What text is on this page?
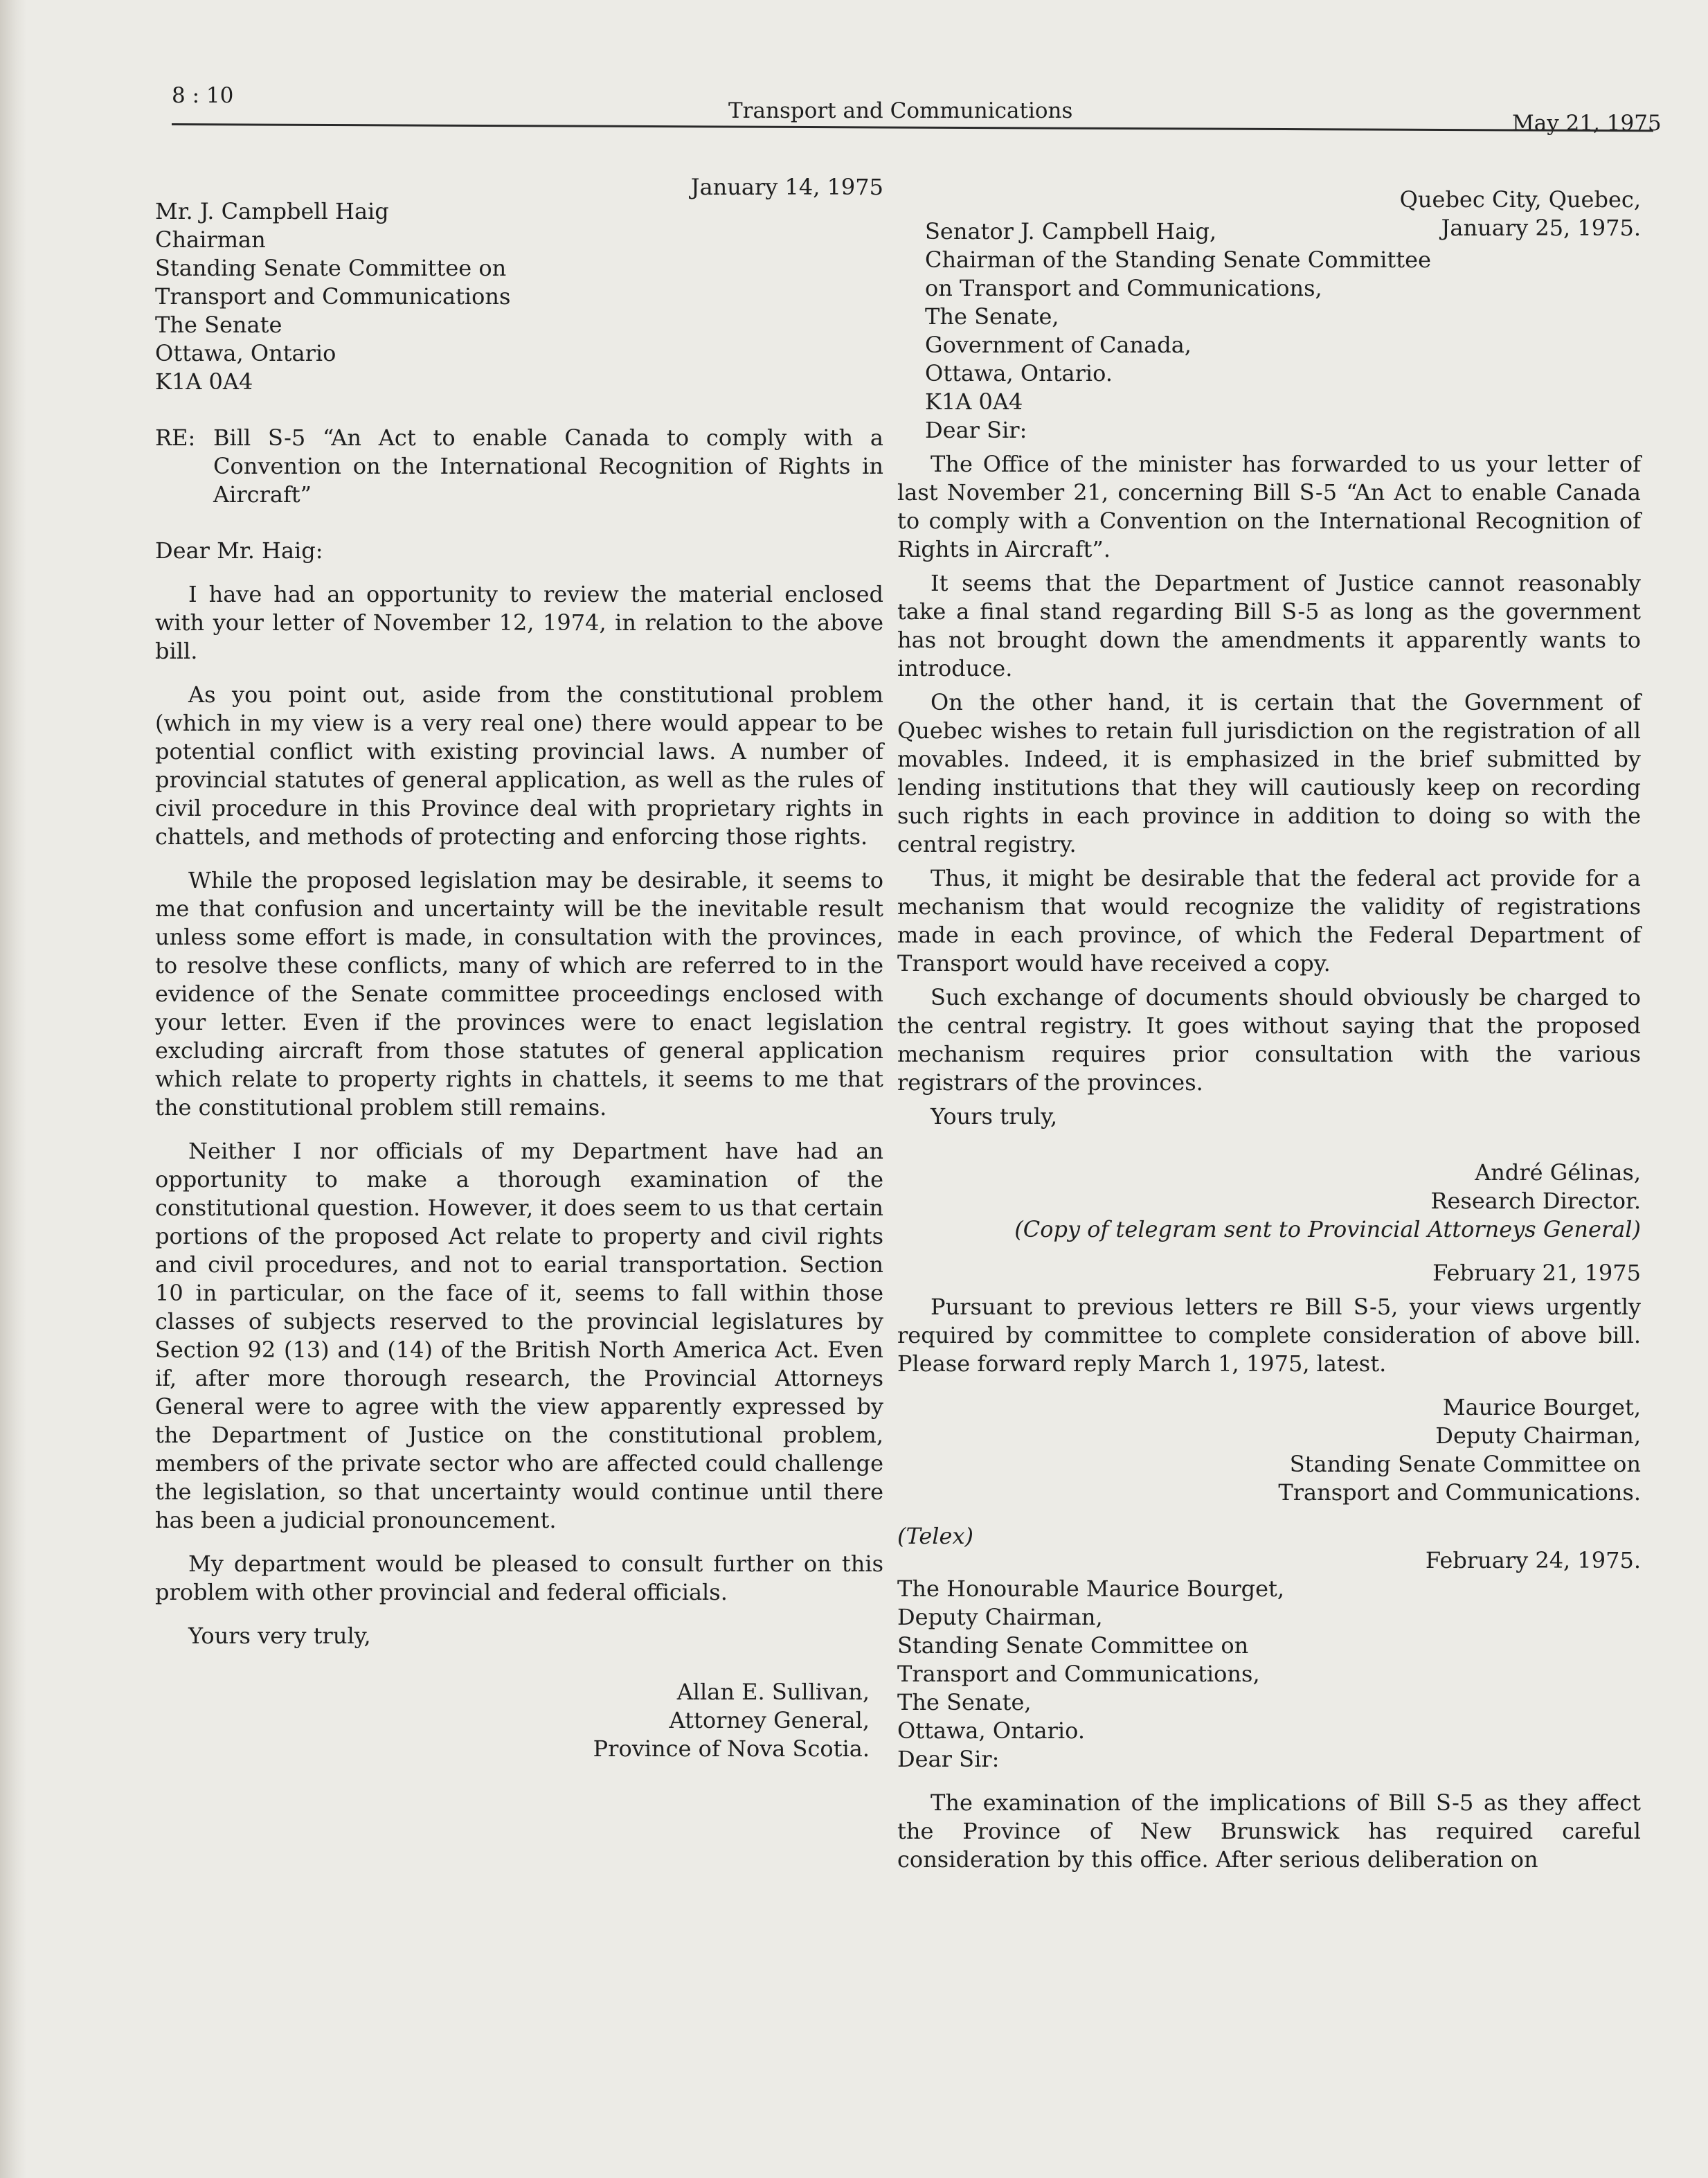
8 : 10
Transport and Communications	May 21, 1975
January 14, 1975
Mr. J. Campbell Haig
Chairman
Standing Senate Committee on
Transport and Communications
The Senate
Ottawa, Ontario
K1A 0A4
RE: Bill S-5 “An Act to enable Canada to comply with a Convention on the International Recognition of Rights in Aircraft”

Dear Mr. Haig:

I have had an opportunity to review the material enclosed with your letter of November 12, 1974, in relation to the above bill.

As you point out, aside from the constitutional problem (which in my view is a very real one) there would appear to be potential conflict with existing provincial laws. A number of provincial statutes of general application, as well as the rules of civil procedure in this Province deal with proprietary rights in chattels, and methods of protecting and enforcing those rights.

While the proposed legislation may be desirable, it seems to me that confusion and uncertainty will be the inevitable result unless some effort is made, in consultation with the provinces, to resolve these conflicts, many of which are referred to in the evidence of the Senate committee proceedings enclosed with your letter. Even if the provinces were to enact legislation excluding aircraft from those statutes of general application which relate to property rights in chattels, it seems to me that the constitutional problem still remains.

Neither I nor officials of my Department have had an opportunity to make a thorough examination of the constitutional question. However, it does seem to us that certain portions of the proposed Act relate to property and civil rights and civil procedures, and not to earial transportation. Section 10 in particular, on the face of it, seems to fall within those classes of subjects reserved to the provincial legislatures by Section 92 (13) and (14) of the British North America Act. Even if, after more thorough research, the Provincial Attorneys General were to agree with the view apparently expressed by the Department of Justice on the constitutional problem, members of the private sector who are affected could challenge the legislation, so that uncertainty would continue until there has been a judicial pronouncement.

My department would be pleased to consult further on this problem with other provincial and federal officials.

Yours very truly,

Allan E. Sullivan,
Attorney General,
Province of Nova Scotia.
Quebec City, Quebec,
January 25, 1975.
Senator J. Campbell Haig,
Chairman of the Standing Senate Committee
on Transport and Communications,
The Senate,
Government of Canada,
Ottawa, Ontario.
K1A 0A4
Dear Sir:

The Office of the minister has forwarded to us your letter of last November 21, concerning Bill S-5 “An Act to enable Canada to comply with a Convention on the International Recognition of Rights in Aircraft”.

It seems that the Department of Justice cannot reasonably take a final stand regarding Bill S-5 as long as the government has not brought down the amendments it apparently wants to introduce.

On the other hand, it is certain that the Government of Quebec wishes to retain full jurisdiction on the registration of all movables. Indeed, it is emphasized in the brief submitted by lending institutions that they will cautiously keep on recording such rights in each province in addition to doing so with the central registry.

Thus, it might be desirable that the federal act provide for a mechanism that would recognize the validity of registrations made in each province, of which the Federal Department of Transport would have received a copy.

Such exchange of documents should obviously be charged to the central registry. It goes without saying that the proposed mechanism requires prior consultation with the various registrars of the provinces.

Yours truly,

André Gélinas,
Research Director.

(Copy of telegram sent to Provincial Attorneys General)

February 21, 1975

Pursuant to previous letters re Bill S-5, your views urgently required by committee to complete consideration of above bill. Please forward reply March 1, 1975, latest.

Maurice Bourget,
Deputy Chairman,
Standing Senate Committee on
Transport and Communications.

(Telex)

February 24, 1975.

The Honourable Maurice Bourget,
Deputy Chairman,
Standing Senate Committee on
Transport and Communications,
The Senate,
Ottawa, Ontario.
Dear Sir:

The examination of the implications of Bill S-5 as they affect the Province of New Brunswick has required careful consideration by this office. After serious deliberation on
